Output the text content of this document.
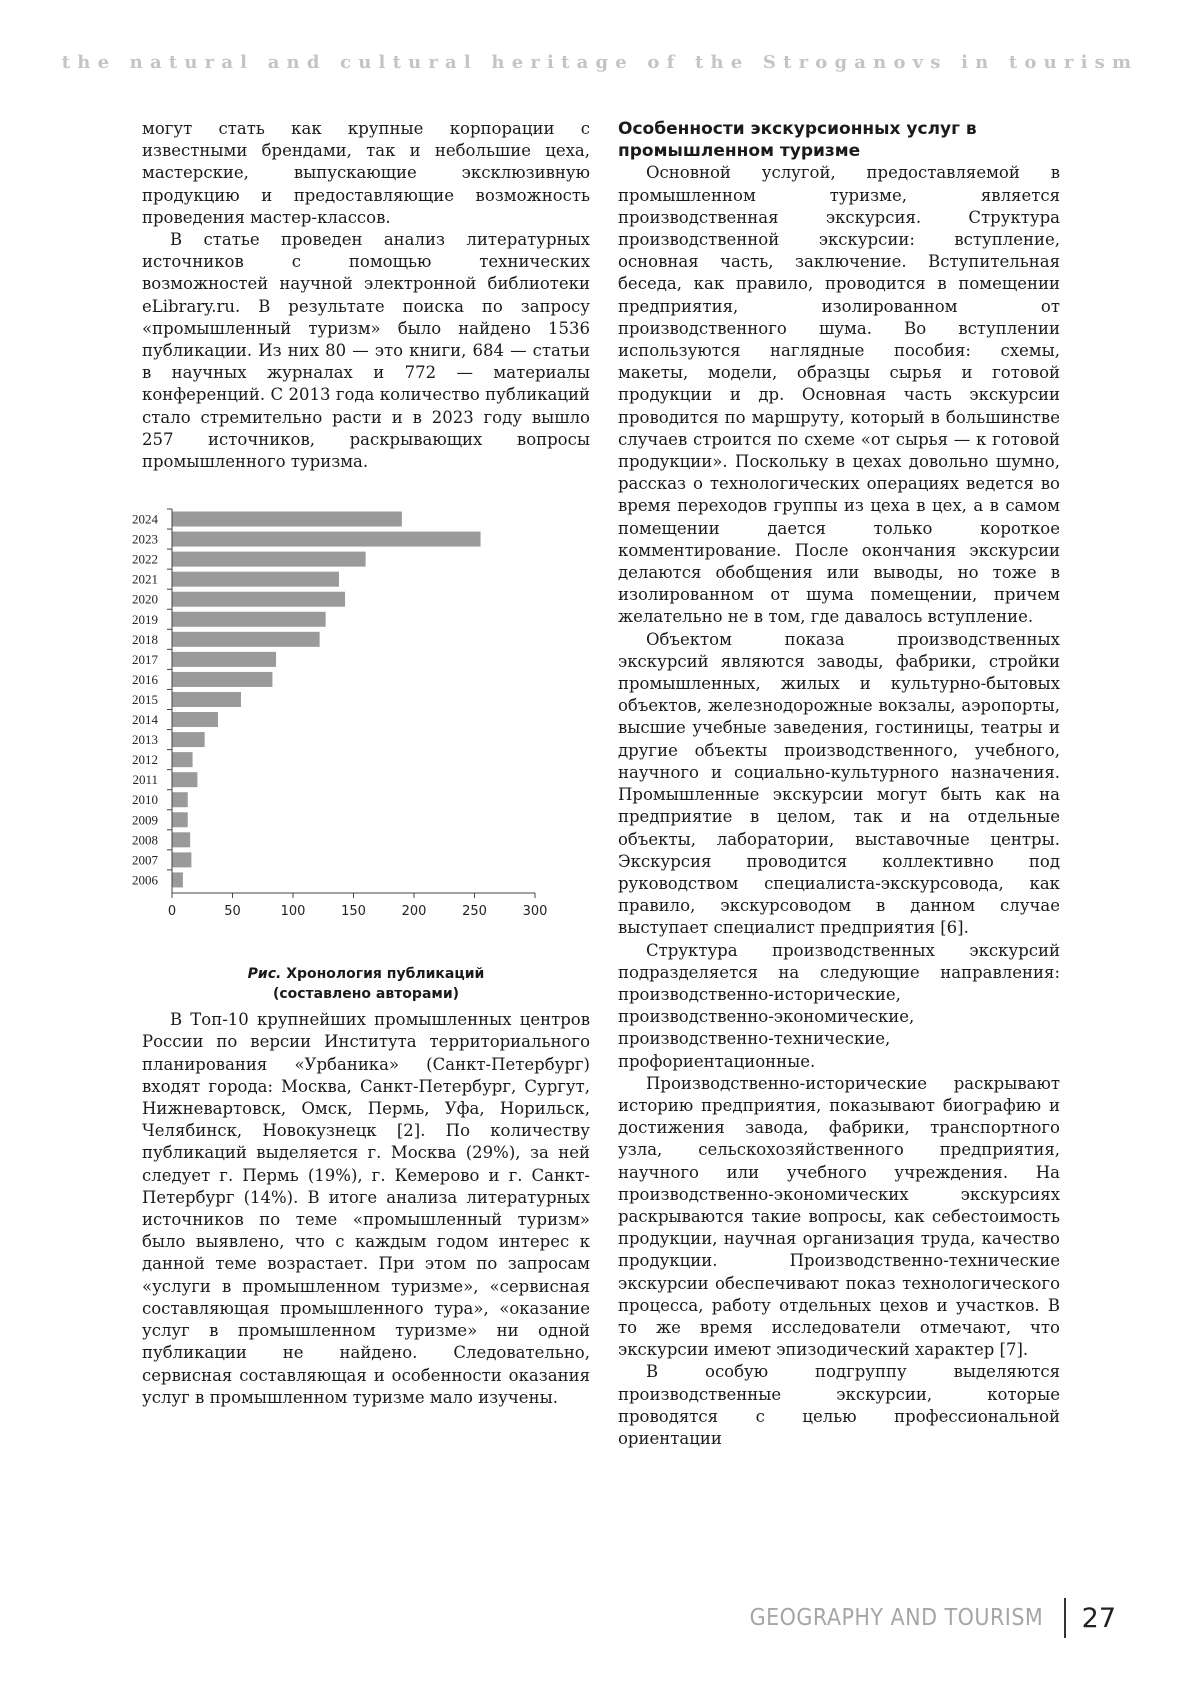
the natural and cultural heritage of the Stroganovs in tourism

могут стать как крупные корпорации с известными брендами, так и небольшие цеха, мастерские, выпускающие эксклюзивную продукцию и предоставляющие возможность проведения мастер-классов.

В статье проведен анализ литературных источников с помощью технических возможностей научной электронной библиотеки eLibrary.ru. В результате поиска по запросу «промышленный туризм» было найдено 1536 публикации. Из них 80 — это книги, 684 — статьи в научных журналах и 772 — материалы конференций. С 2013 года количество публикаций стало стремительно расти и в 2023 году вышло 257 источников, раскрывающих вопросы промышленного туризма.

2024
2023
2022
2021
2020
2019
2018
2017
2016
2015
2014
2013
2012
2011
2010
2009
2008
2007
2006
0	50	100	150	200	250	300
Рис. Хронология публикаций
(составлено авторами)

В Топ-10 крупнейших промышленных центров России по версии Института территориального планирования «Урбаника» (Санкт-Петербург) входят города: Москва, Санкт-Петербург, Сургут, Нижневартовск, Омск, Пермь, Уфа, Норильск, Челябинск, Новокузнецк [2]. По количеству публикаций выделяется г. Москва (29%), за ней следует г. Пермь (19%), г. Кемерово и г. Санкт-Петербург (14%). В итоге анализа литературных источников по теме «промышленный туризм» было выявлено, что с каждым годом интерес к данной теме возрастает. При этом по запросам «услуги в промышленном туризме», «сервисная составляющая промышленного тура», «оказание услуг в промышленном туризме» ни одной публикации не найдено. Следовательно, сервисная составляющая и особенности оказания услуг в промышленном туризме мало изучены.

Особенности экскурсионных услуг в промышленном туризме

Основной услугой, предоставляемой в промышленном туризме, является производственная экскурсия. Структура производственной экскурсии: вступление, основная часть, заключение. Вступительная беседа, как правило, проводится в помещении предприятия, изолированном от производственного шума. Во вступлении используются наглядные пособия: схемы, макеты, модели, образцы сырья и готовой продукции и др. Основная часть экскурсии проводится по маршруту, который в большинстве случаев строится по схеме «от сырья — к готовой продукции». Поскольку в цехах довольно шумно, рассказ о технологических операциях ведется во время переходов группы из цеха в цех, а в самом помещении дается только короткое комментирование. После окончания экскурсии делаются обобщения или выводы, но тоже в изолированном от шума помещении, причем желательно не в том, где давалось вступление.

Объектом показа производственных экскурсий являются заводы, фабрики, стройки промышленных, жилых и культурно-бытовых объектов, железнодорожные вокзалы, аэропорты, высшие учебные заведения, гостиницы, театры и другие объекты производственного, учебного, научного и социально-культурного назначения. Промышленные экскурсии могут быть как на предприятие в целом, так и на отдельные объекты, лаборатории, выставочные центры. Экскурсия проводится коллективно под руководством специалиста-экскурсовода, как правило, экскурсоводом в данном случае выступает специалист предприятия [6].

Структура производственных экскурсий подразделяется на следующие направления: производственно-исторические, производственно-экономические, производственно-технические, профориентационные.

Производственно-исторические раскрывают историю предприятия, показывают биографию и достижения завода, фабрики, транспортного узла, сельскохозяйственного предприятия, научного или учебного учреждения. На производственно-экономических экскурсиях раскрываются такие вопросы, как себестоимость продукции, научная организация труда, качество продукции. Производственно-технические экскурсии обеспечивают показ технологического процесса, работу отдельных цехов и участков. В то же время исследователи отмечают, что экскурсии имеют эпизодический характер [7].

В особую подгруппу выделяются производственные экскурсии, которые проводятся с целью профессиональной ориентации

GEOGRAPHY AND TOURISM 27
